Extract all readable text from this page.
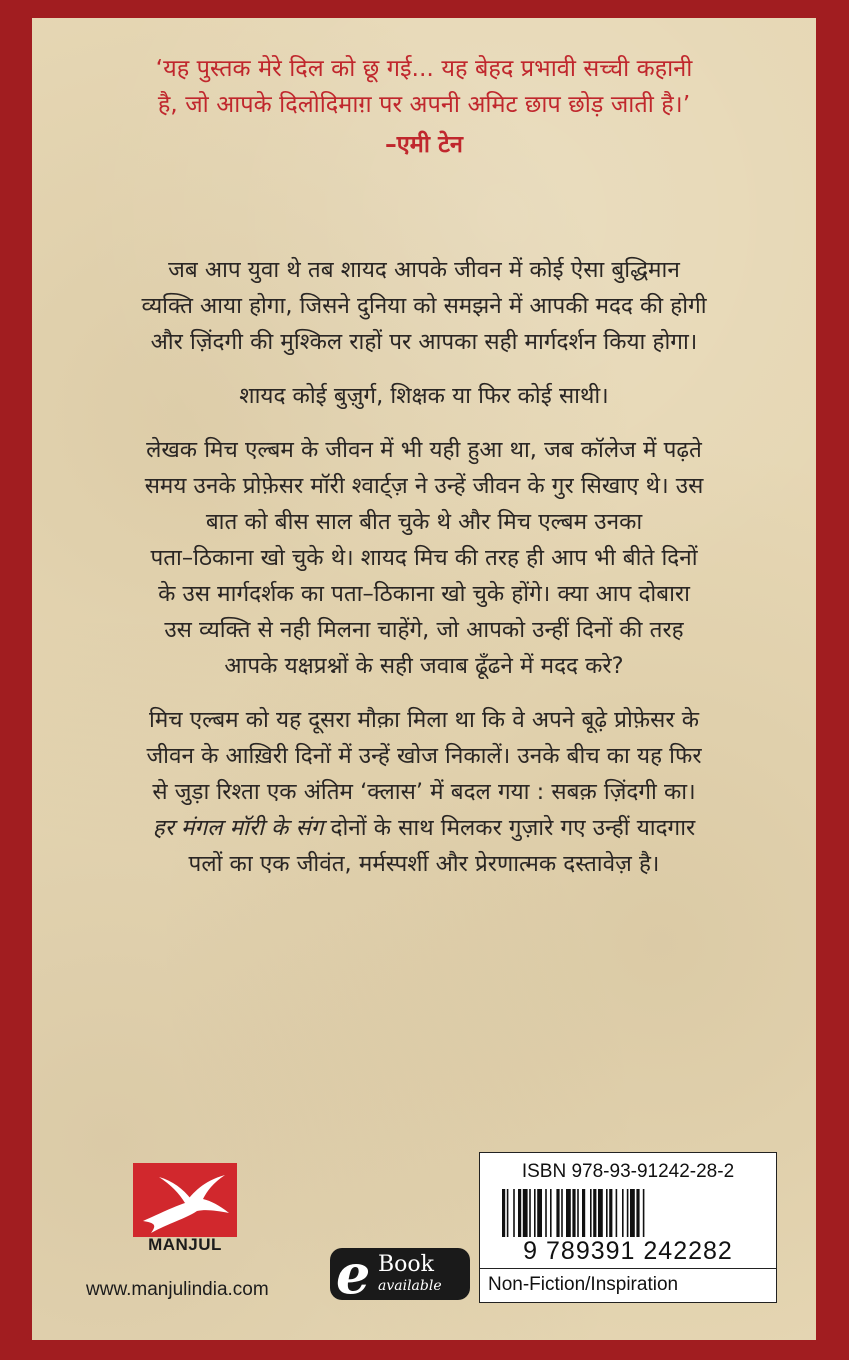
‘यह पुस्तक मेरे दिल को छू गई... यह बेहद प्रभावी सच्ची कहानी

है, जो आपके दिलोदिमाग़ पर अपनी अमिट छाप छोड़ जाती है।’

–एमी टेन

जब आप युवा थे तब शायद आपके जीवन में कोई ऐसा बुद्धिमान
व्यक्ति आया होगा, जिसने दुनिया को समझने में आपकी मदद की होगी
और ज़िंदगी की मुश्किल राहों पर आपका सही मार्गदर्शन किया होगा।

शायद कोई बुज़ुर्ग, शिक्षक या फिर कोई साथी।

लेखक मिच एल्बम के जीवन में भी यही हुआ था, जब कॉलेज में पढ़ते
समय उनके प्रोफ़ेसर मॉरी श्वार्ट्ज़ ने उन्हें जीवन के गुर सिखाए थे। उस
बात को बीस साल बीत चुके थे और मिच एल्बम उनका
पता–ठिकाना खो चुके थे। शायद मिच की तरह ही आप भी बीते दिनों
के उस मार्गदर्शक का पता–ठिकाना खो चुके होंगे। क्या आप दोबारा
उस व्यक्ति से नही मिलना चाहेंगे, जो आपको उन्हीं दिनों की तरह
आपके यक्षप्रश्नों के सही जवाब ढूँढने में मदद करे?

मिच एल्बम को यह दूसरा मौक़ा मिला था कि वे अपने बूढ़े प्रोफ़ेसर के
जीवन के आख़िरी दिनों में उन्हें खोज निकालें। उनके बीच का यह फिर
से जुड़ा रिश्ता एक अंतिम ‘क्लास’ में बदल गया : सबक़ ज़िंदगी का।
हर मंगल मॉरी के संग दोनों के साथ मिलकर गुज़ारे गए उन्हीं यादगार
पलों का एक जीवंत, मर्मस्पर्शी और प्रेरणात्मक दस्तावेज़ है।

MANJUL
www.manjulindia.com e Book
available
ISBN 978-93-91242-28-2
9 789391 242282
Non-Fiction/Inspiration
